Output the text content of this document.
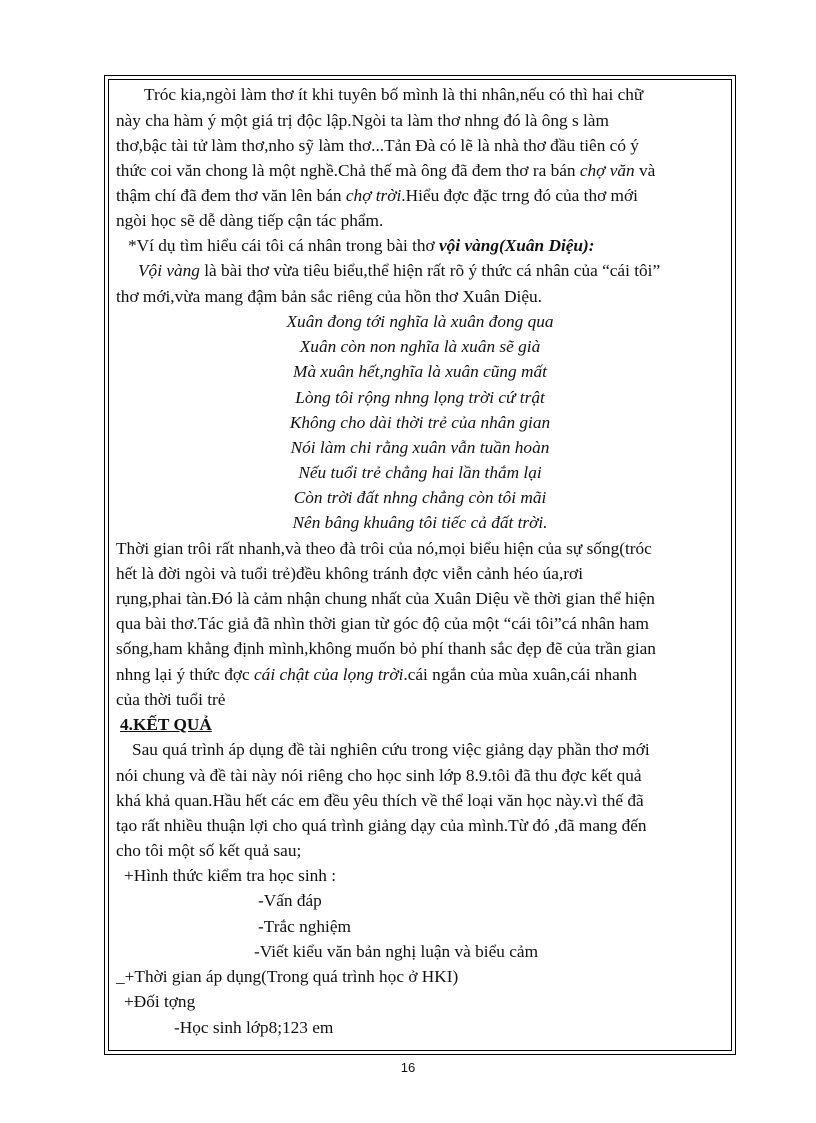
Tróc kia,ngòi làm thơ ít khi tuyên bố mình là thi nhân,nếu có thì hai chữ
này cha hàm ý một giá trị độc lập.Ngòi ta làm thơ nhng đó là ông s làm
thơ,bậc tài tử làm thơ,nho sỹ làm thơ...Tản Đà có lẽ là nhà thơ đầu tiên có ý
thức coi văn chong là một nghề.Chả thế mà ông đã đem thơ ra bán chợ văn và
thậm chí đã đem thơ văn lên bán chợ trời.Hiểu đợc đặc trng đó của thơ mới
ngòi học sẽ dễ dàng tiếp cận tác phẩm.
*Ví dụ tìm hiểu cái tôi cá nhân trong bài thơ vội vàng(Xuân Diệu):
Vội vàng là bài thơ vừa tiêu biểu,thể hiện rất rõ ý thức cá nhân của “cái tôi”
thơ mới,vừa mang đậm bản sắc riêng của hồn thơ Xuân Diệu.
Xuân đong tới nghĩa là xuân đong qua
Xuân còn non nghĩa là xuân sẽ già
Mà xuân hết,nghĩa là xuân cũng mất
Lòng tôi rộng nhng lọng trời cứ trật
Không cho dài thời trẻ của nhân gian
Nói làm chi rằng xuân vẫn tuần hoàn
Nếu tuổi trẻ chẳng hai lần thắm lại
Còn trời đất nhng chẳng còn tôi mãi
Nên bâng khuâng tôi tiếc cả đất trời.
Thời gian trôi rất nhanh,và theo đà trôi của nó,mọi biểu hiện của sự sống(tróc
hết là đời ngòi và tuổi trẻ)đều không tránh đợc viễn cảnh héo úa,rơi
rụng,phai tàn.Đó là cảm nhận chung nhất của Xuân Diệu về thời gian thể hiện
qua bài thơ.Tác giả đã nhìn thời gian từ góc độ của một “cái tôi”cá nhân ham
sống,ham khẳng định mình,không muốn bỏ phí thanh sắc đẹp đẽ của trần gian
nhng lại ý thức đợc cái chật của lọng trời.cái ngắn của mùa xuân,cái nhanh
của thời tuổi trẻ
4.KẾT QUẢ
Sau quá trình áp dụng đề tài nghiên cứu trong việc giảng dạy phần thơ mới
nói chung và đề tài này nói riêng cho học sinh lớp 8.9.tôi đã thu đợc kết quả
khá khả quan.Hầu hết các em đều yêu thích về thể loại văn học này.vì thế đã
tạo rất nhiều thuận lợi cho quá trình giảng dạy của mình.Từ đó ,đã mang đến
cho tôi một số kết quả sau;
+Hình thức kiểm tra học sinh :
-Vấn đáp
-Trắc nghiệm
-Viết kiểu văn bản nghị luận và biểu cảm
_+Thời gian áp dụng(Trong quá trình học ở HKI)
+Đối tợng
-Học sinh lớp8;123 em
16
